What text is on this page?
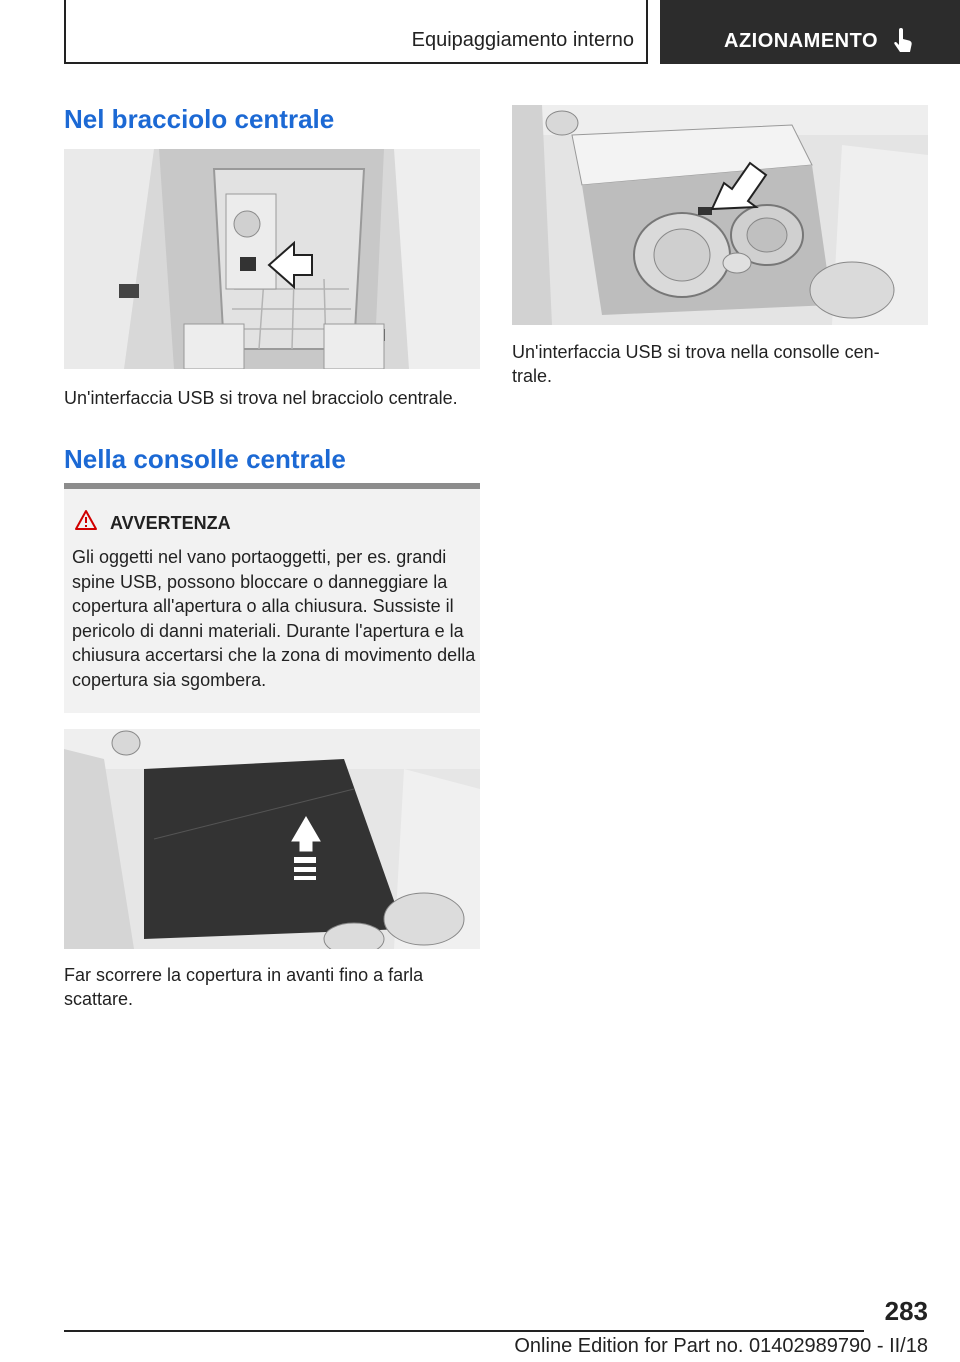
Equipaggiamento interno	AZIONAMENTO
Nel bracciolo centrale

Un'interfaccia USB si trova nel bracciolo centrale.

Nella consolle centrale
AVVERTENZA

Gli oggetti nel vano portaoggetti, per es. grandi spine USB, possono bloccare o danneggiare la copertura all'apertura o alla chiusura. Sussiste il pericolo di danni materiali. Durante l'apertura e la chiusura accertarsi che la zona di movimento della copertura sia sgombera.

Far scorrere la copertura in avanti fino a farla scattare.

Un'interfaccia USB si trova nella consolle cen-trale.

283
Online Edition for Part no. 01402989790 - II/18
